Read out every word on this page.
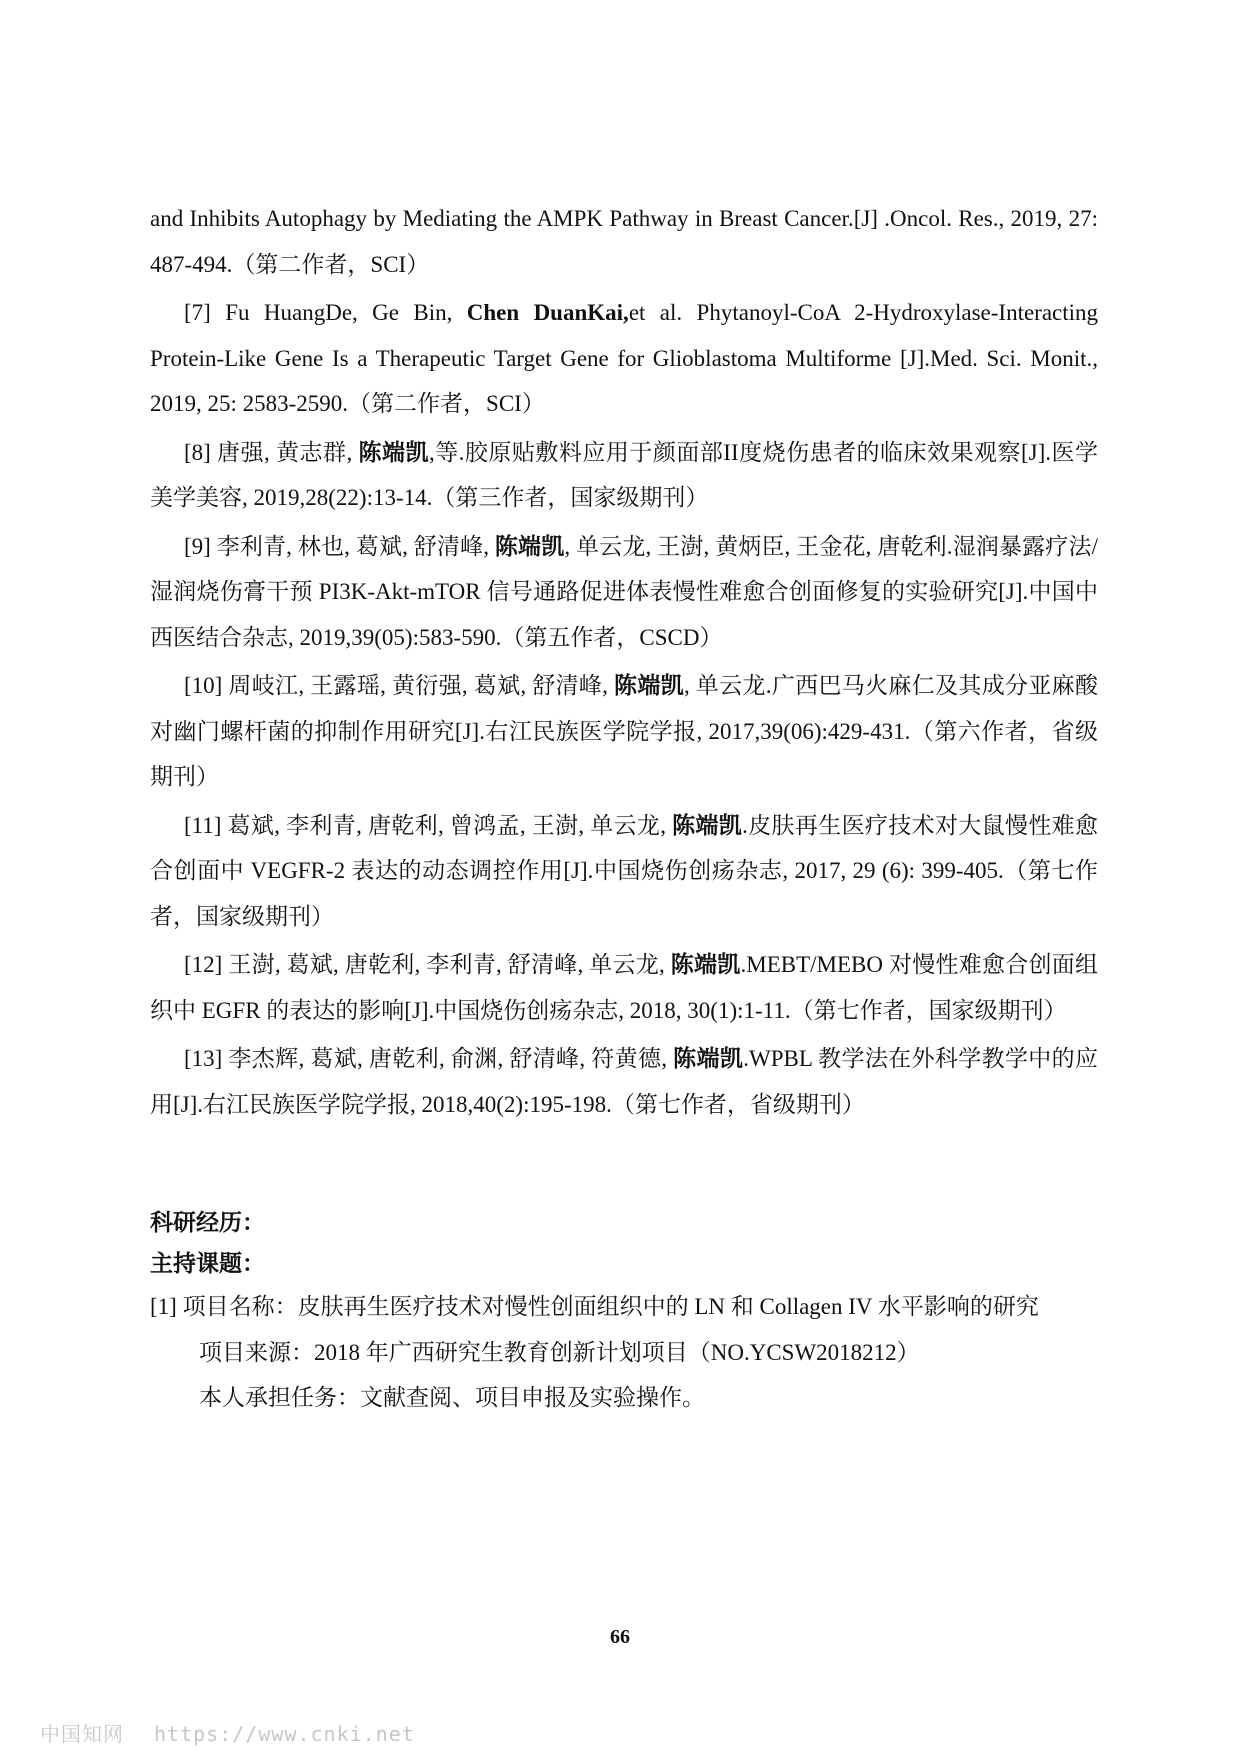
and Inhibits Autophagy by Mediating the AMPK Pathway in Breast Cancer.[J] .Oncol. Res., 2019, 27: 487-494.（第二作者，SCI）

[7] Fu HuangDe, Ge Bin, Chen DuanKai,et al. Phytanoyl-CoA 2-Hydroxylase-Interacting Protein-Like Gene Is a Therapeutic Target Gene for Glioblastoma Multiforme [J].Med. Sci. Monit., 2019, 25: 2583-2590.（第二作者，SCI）

[8] 唐强, 黄志群, 陈端凯,等.胶原贴敷料应用于颜面部II度烧伤患者的临床效果观察[J].医学美学美容, 2019,28(22):13-14.（第三作者，国家级期刊）

[9] 李利青, 林也, 葛斌, 舒清峰, 陈端凯, 单云龙, 王澍, 黄炳臣, 王金花, 唐乾利.湿润暴露疗法/湿润烧伤膏干预 PI3K-Akt-mTOR 信号通路促进体表慢性难愈合创面修复的实验研究[J].中国中西医结合杂志, 2019,39(05):583-590.（第五作者，CSCD）

[10] 周岐江, 王露瑶, 黄衍强, 葛斌, 舒清峰, 陈端凯, 单云龙.广西巴马火麻仁及其成分亚麻酸对幽门螺杆菌的抑制作用研究[J].右江民族医学院学报, 2017,39(06):429-431.（第六作者，省级期刊）

[11] 葛斌, 李利青, 唐乾利, 曾鸿孟, 王澍, 单云龙, 陈端凯.皮肤再生医疗技术对大鼠慢性难愈合创面中 VEGFR-2 表达的动态调控作用[J].中国烧伤创疡杂志, 2017, 29 (6): 399-405.（第七作者，国家级期刊）

[12] 王澍, 葛斌, 唐乾利, 李利青, 舒清峰, 单云龙, 陈端凯.MEBT/MEBO 对慢性难愈合创面组织中 EGFR 的表达的影响[J].中国烧伤创疡杂志, 2018, 30(1):1-11.（第七作者，国家级期刊）

[13] 李杰辉, 葛斌, 唐乾利, 俞渊, 舒清峰, 符黄德, 陈端凯.WPBL 教学法在外科学教学中的应用[J].右江民族医学院学报, 2018,40(2):195-198.（第七作者，省级期刊）

科研经历：

主持课题：

[1] 项目名称：皮肤再生医疗技术对慢性创面组织中的 LN 和 Collagen IV 水平影响的研究

项目来源：2018 年广西研究生教育创新计划项目（NO.YCSW2018212）

本人承担任务：文献查阅、项目申报及实验操作。

66
中国知网 https://www.cnki.net
